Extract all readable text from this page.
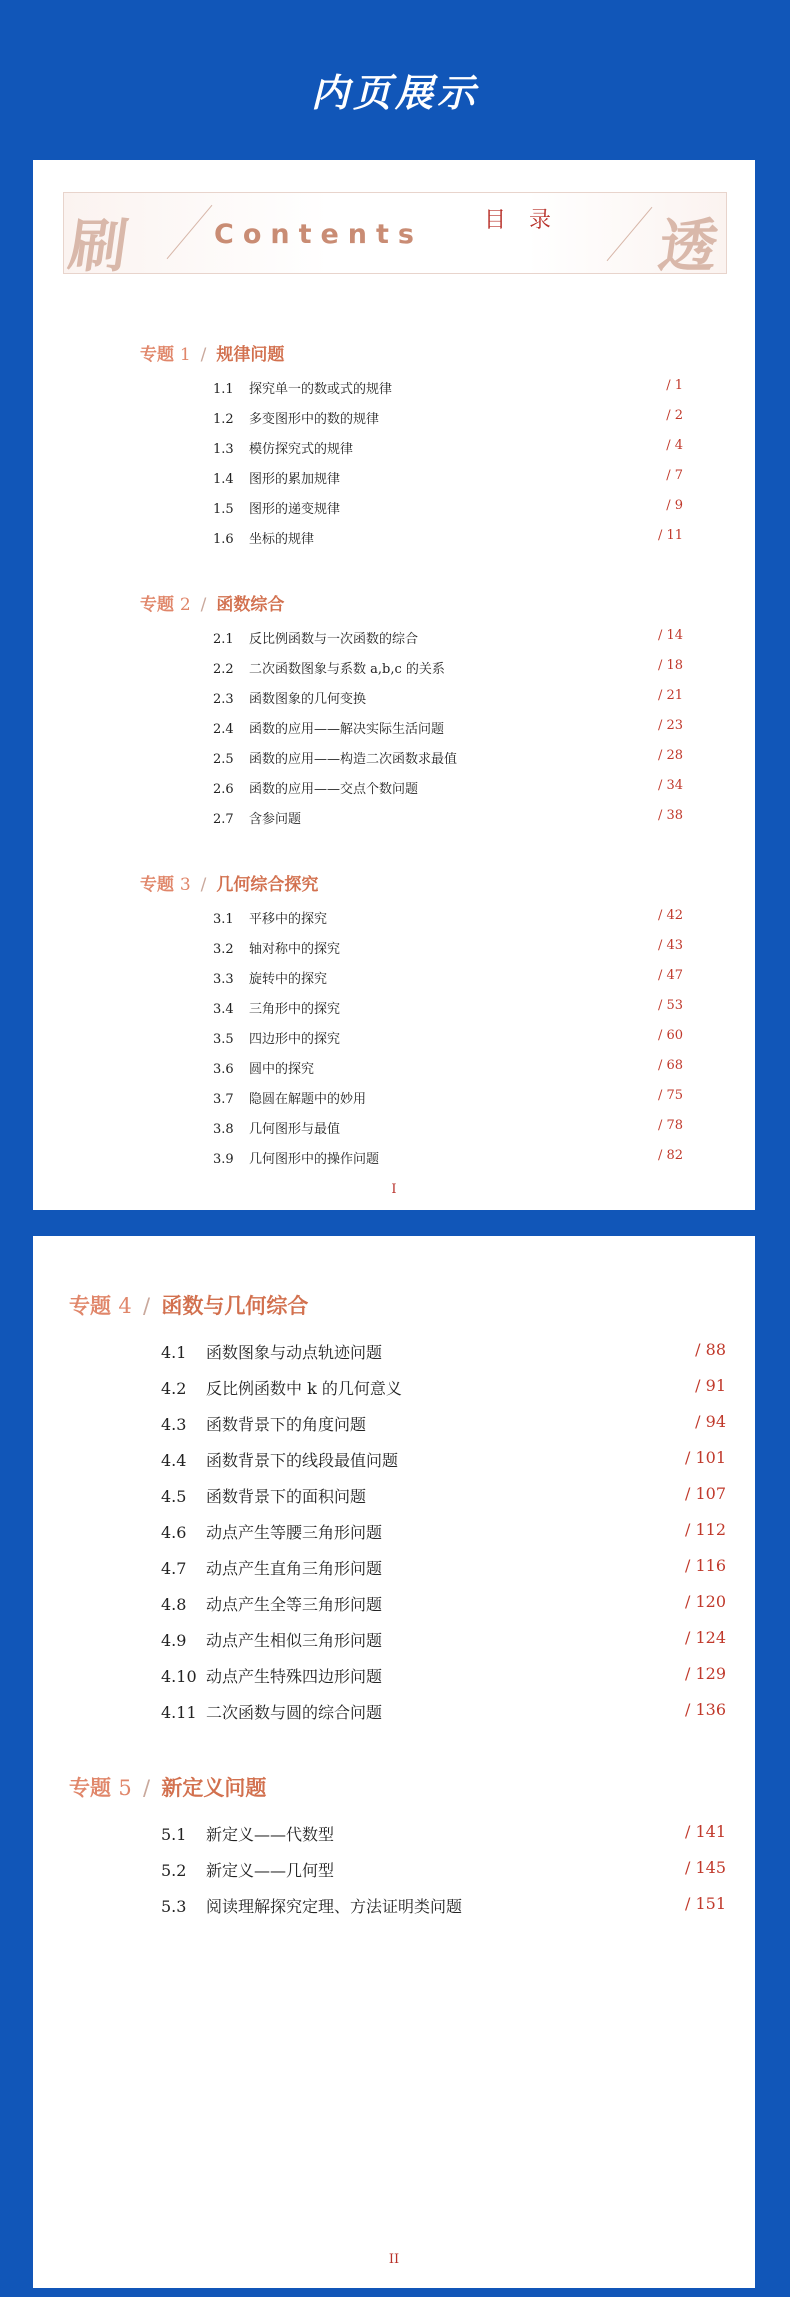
内页展示
刷	Contents	目 录 透
专题 1 / 规律问题
1.1 探究单一的数或式的规律	/ 1
1.2 多变图形中的数的规律	/ 2
1.3 模仿探究式的规律	/ 4
1.4 图形的累加规律	/ 7
1.5 图形的递变规律	/ 9
1.6 坐标的规律	/ 11
专题 2 / 函数综合
2.1 反比例函数与一次函数的综合	/ 14
2.2 二次函数图象与系数 a,b,c 的关系	/ 18
2.3 函数图象的几何变换	/ 21
2.4 函数的应用——解决实际生活问题	/ 23
2.5 函数的应用——构造二次函数求最值	/ 28
2.6 函数的应用——交点个数问题	/ 34
2.7 含参问题	/ 38
专题 3 / 几何综合探究
3.1 平移中的探究	/ 42
3.2 轴对称中的探究	/ 43
3.3 旋转中的探究	/ 47
3.4 三角形中的探究	/ 53
3.5 四边形中的探究	/ 60
3.6 圆中的探究	/ 68
3.7 隐圆在解题中的妙用	/ 75
3.8 几何图形与最值	/ 78
3.9 几何图形中的操作问题	/ 82
I
专题 4 / 函数与几何综合
4.1 函数图象与动点轨迹问题	/ 88
4.2 反比例函数中 k 的几何意义	/ 91
4.3 函数背景下的角度问题	/ 94
4.4 函数背景下的线段最值问题	/ 101
4.5 函数背景下的面积问题	/ 107
4.6 动点产生等腰三角形问题	/ 112
4.7 动点产生直角三角形问题	/ 116
4.8 动点产生全等三角形问题	/ 120
4.9 动点产生相似三角形问题	/ 124
4.10 动点产生特殊四边形问题	/ 129
4.11 二次函数与圆的综合问题	/ 136
专题 5 / 新定义问题
5.1 新定义——代数型	/ 141
5.2 新定义——几何型	/ 145
5.3 阅读理解探究定理、方法证明类问题	/ 151
II
